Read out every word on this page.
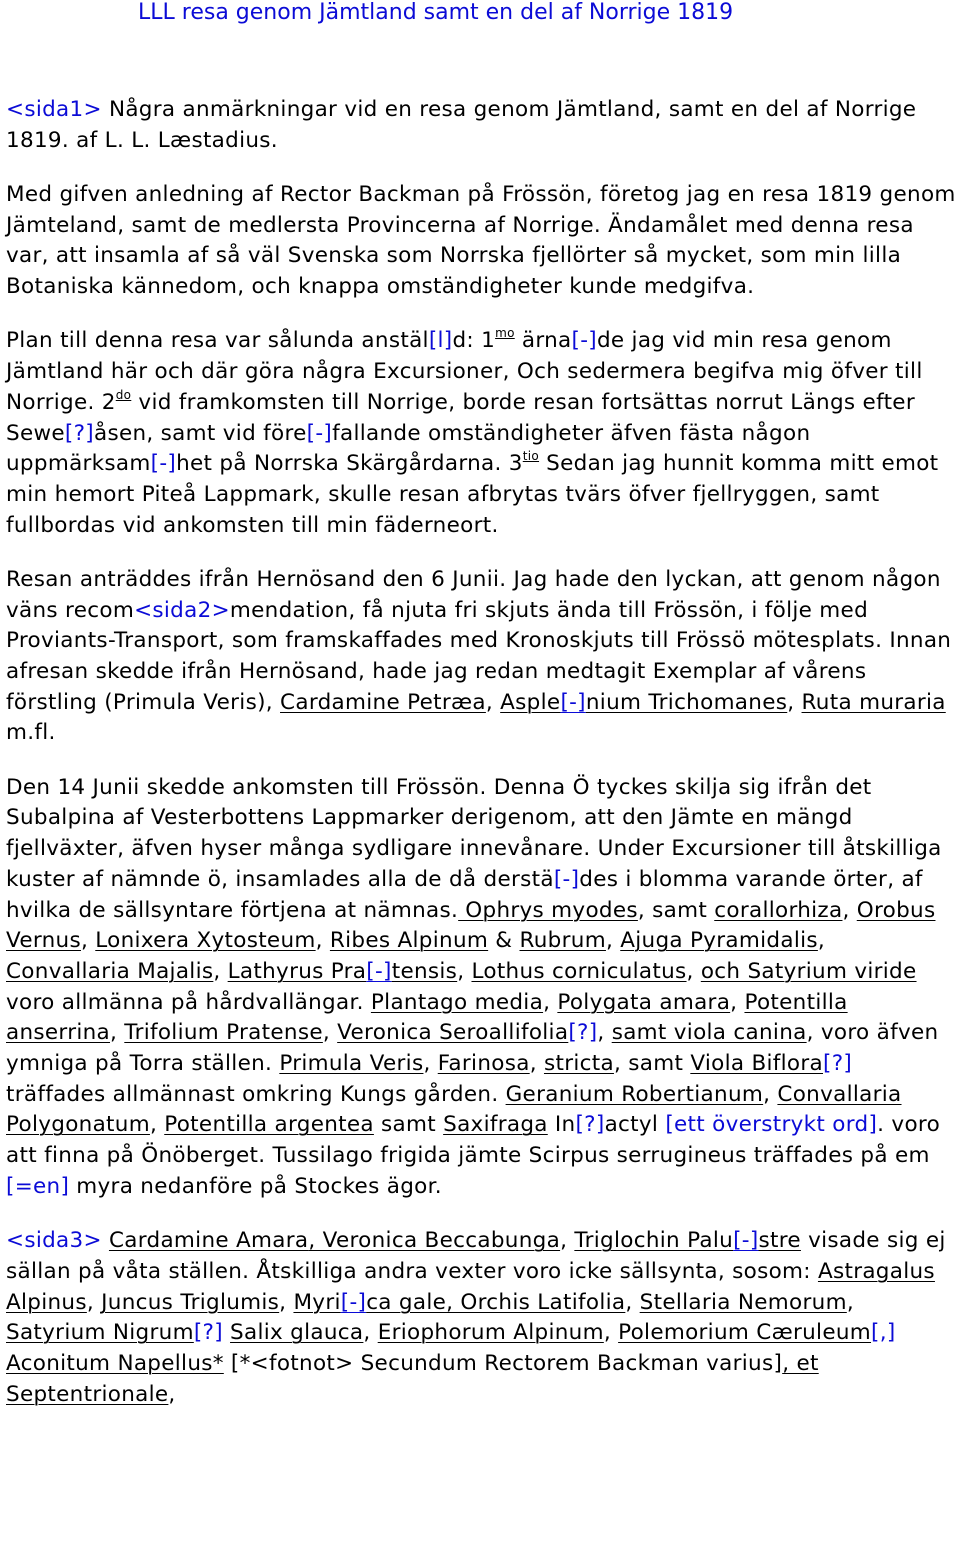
LLL resa genom Jämtland samt en del af Norrige 1819

<sida1> Några anmärkningar vid en resa genom Jämtland, samt en del af Norrige 1819. af L. L. Læstadius.

Med gifven anledning af Rector Backman på Frössön, företog jag en resa 1819 genom Jämteland, samt de medlersta Provincerna af Norrige. Ändamålet med denna resa var, att insamla af så väl Svenska som Norrska fjellörter så mycket, som min lilla Botaniska kännedom, och knappa omständigheter kunde medgifva.

Plan till denna resa var sålunda anstäl[l]d: $1^{mo}$ ärna[-]de jag vid min resa genom Jämtland här och där göra några Excursioner, Och sedermera begifva mig öfver till Norrige. $2^{do}$ vid framkomsten till Norrige, borde resan fortsättas norrut Längs efter Sewe[?]åsen, samt vid före[-]fallande omständigheter äfven fästa någon uppmärksam[-]het på Norrska Skärgårdarna. $3^{tio}$ Sedan jag hunnit komma mitt emot min hemort Piteå Lappmark, skulle resan afbrytas tvärs öfver fjellryggen, samt fullbordas vid ankomsten till min fäderneort.

Resan anträddes ifrån Hernösand den 6 Junii. Jag hade den lyckan, att genom någon väns recom<sida2>mendation, få njuta fri skjuts ända till Frössön, i följe med Proviants-Transport, som framskaffades med Kronoskjuts till Frössö mötesplats. Innan afresan skedde ifrån Hernösand, hade jag redan medtagit Exemplar af vårens förstling (Primula Veris), Cardamine Petræa, Asple[-]nium Trichomanes, Ruta muraria m.fl.

Den 14 Junii skedde ankomsten till Frössön. Denna Ö tyckes skilja sig ifrån det Subalpina af Vesterbottens Lappmarker derigenom, att den Jämte en mängd fjellväxter, äfven hyser många sydligare innevånare. Under Excursioner till åtskilliga kuster af nämnde ö, insamlades alla de då derstä[-]des i blomma varande örter, af hvilka de sällsyntare förtjena at nämnas. Ophrys myodes, samt corallorhiza, Orobus Vernus, Lonixera Xytosteum, Ribes Alpinum & Rubrum, Ajuga Pyramidalis, Convallaria Majalis, Lathyrus Pra[-]tensis, Lothus corniculatus, och Satyrium viride voro allmänna på hårdvallängar. Plantago media, Polygata amara, Potentilla anserrina, Trifolium Pratense, Veronica Seroallifolia[?], samt viola canina, voro äfven ymniga på Torra ställen. Primula Veris, Farinosa, stricta, samt Viola Biflora[?] träffades allmännast omkring Kungs gården. Geranium Robertianum, Convallaria Polygonatum, Potentilla argentea samt Saxifraga In[?]actyl [ett överstrykt ord]. voro att finna på Önöberget. Tussilago frigida jämte Scirpus serrugineus träffades på em [=en] myra nedanföre på Stockes ägor.

<sida3> Cardamine Amara, Veronica Beccabunga, Triglochin Palu[-]stre visade sig ej sällan på våta ställen. Åtskilliga andra vexter voro icke sällsynta, sosom: Astragalus Alpinus, Juncus Triglumis, Myri[-]ca gale, Orchis Latifolia, Stellaria Nemorum, Satyrium Nigrum[?] Salix glauca, Eriophorum Alpinum, Polemorium Cæruleum[,] Aconitum Napellus* [*<fotnot> Secundum Rectorem Backman varius], et Septentrionale,
